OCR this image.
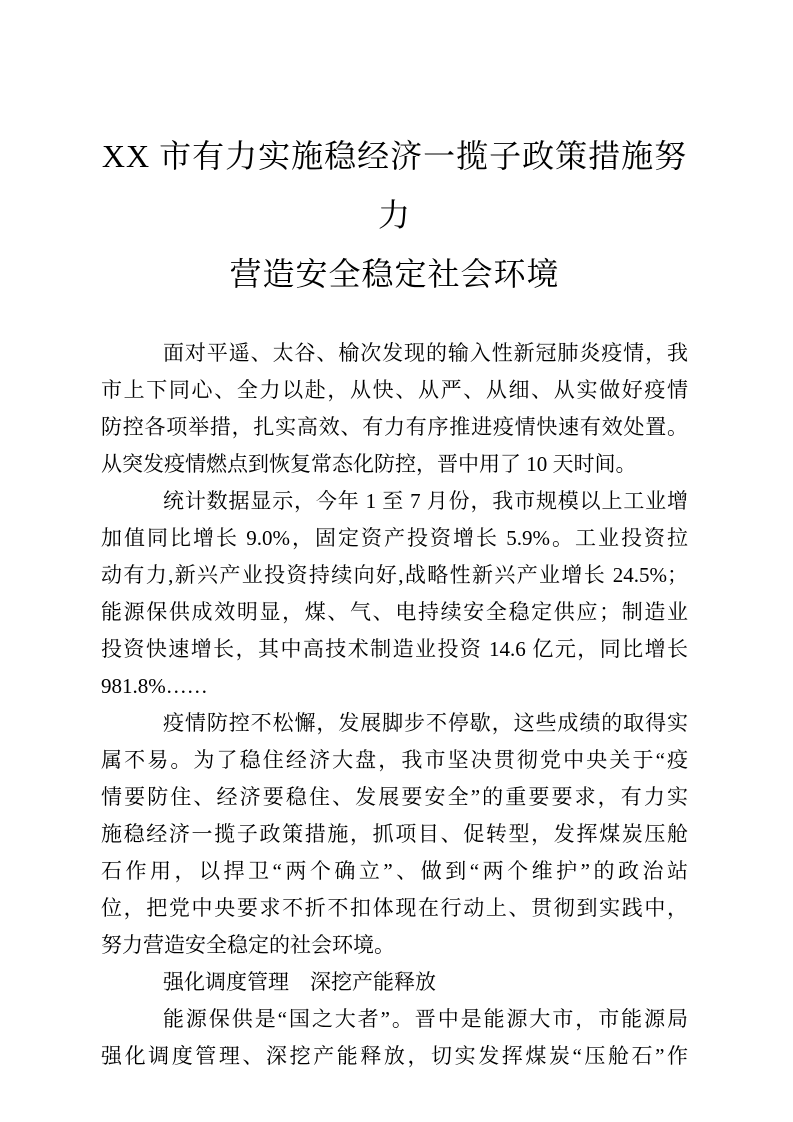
XX 市有力实施稳经济一揽子政策措施努力
营造安全稳定社会环境

面对平遥、太谷、榆次发现的输入性新冠肺炎疫情，我
市上下同心、全力以赴，从快、从严、从细、从实做好疫情
防控各项举措，扎实高效、有力有序推进疫情快速有效处置。
从突发疫情燃点到恢复常态化防控，晋中用了 10 天时间。

统计数据显示，今年 1 至 7 月份，我市规模以上工业增
加值同比增长 9.0%，固定资产投资增长 5.9%。工业投资拉
动有力,新兴产业投资持续向好,战略性新兴产业增长 24.5%；
能源保供成效明显，煤、气、电持续安全稳定供应；制造业
投资快速增长，其中高技术制造业投资 14.6 亿元，同比增长
981.8%……

疫情防控不松懈，发展脚步不停歇，这些成绩的取得实
属不易。为了稳住经济大盘，我市坚决贯彻党中央关于“疫
情要防住、经济要稳住、发展要安全”的重要要求，有力实
施稳经济一揽子政策措施，抓项目、促转型，发挥煤炭压舱
石作用，以捍卫“两个确立”、做到“两个维护”的政治站
位，把党中央要求不折不扣体现在行动上、贯彻到实践中，
努力营造安全稳定的社会环境。

强化调度管理　深挖产能释放

能源保供是“国之大者”。晋中是能源大市，市能源局
强化调度管理、深挖产能释放，切实发挥煤炭“压舱石”作
